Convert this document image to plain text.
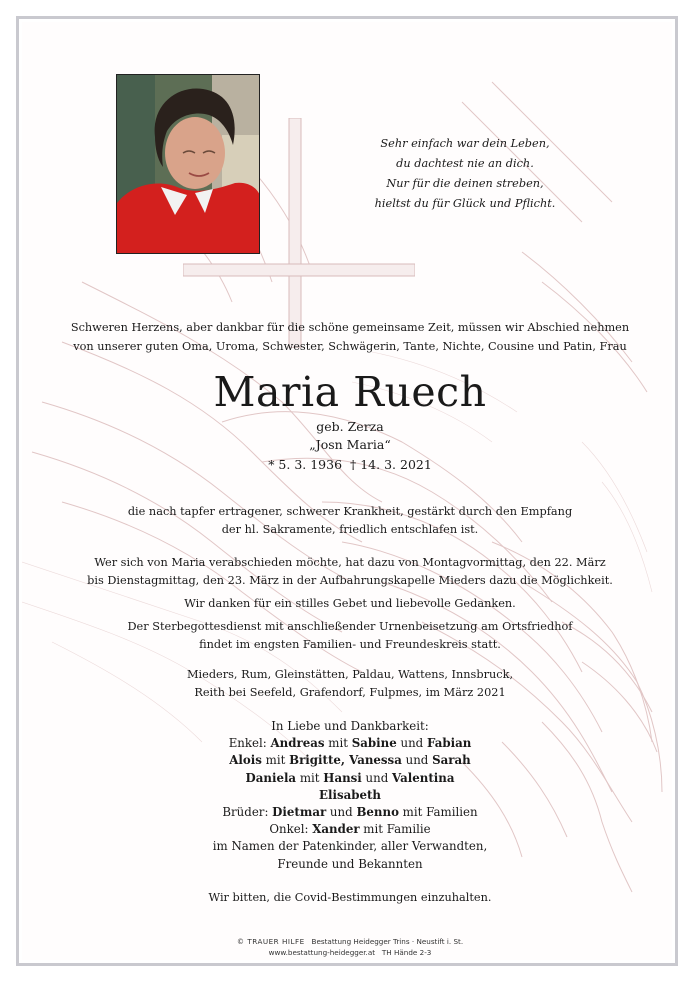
Sehr einfach war dein Leben,
du dachtest nie an dich.
Nur für die deinen streben,
hieltst du für Glück und Pflicht.
Schweren Herzens, aber dankbar für die schöne gemeinsame Zeit, müssen wir Abschied nehmen
von unserer guten Oma, Uroma, Schwester, Schwägerin, Tante, Nichte, Cousine und Patin, Frau
Maria Ruech
geb. Zerza
„Josn Maria“
* 5. 3. 1936 † 14. 3. 2021
die nach tapfer ertragener, schwerer Krankheit, gestärkt durch den Empfang
der hl. Sakramente, friedlich entschlafen ist.
Wer sich von Maria verabschieden möchte, hat dazu von Montagvormittag, den 22. März
bis Dienstagmittag, den 23. März in der Aufbahrungskapelle Mieders dazu die Möglichkeit.
Wir danken für ein stilles Gebet und liebevolle Gedanken.
Der Sterbegottesdienst mit anschließender Urnenbeisetzung am Ortsfriedhof
findet im engsten Familien- und Freundeskreis statt.
Mieders, Rum, Gleinstätten, Paldau, Wattens, Innsbruck,
Reith bei Seefeld, Grafendorf, Fulpmes, im März 2021
In Liebe und Dankbarkeit:
Enkel: Andreas mit Sabine und Fabian
Alois mit Brigitte, Vanessa und Sarah
Daniela mit Hansi und Valentina
Elisabeth
Brüder: Dietmar und Benno mit Familien
Onkel: Xander mit Familie
im Namen der Patenkinder, aller Verwandten,
Freunde und Bekannten
Wir bitten, die Covid-Bestimmungen einzuhalten.
© TRAUER HILFE Bestattung Heidegger Trins · Neustift i. St.
www.bestattung-heidegger.at TH Hände 2-3
